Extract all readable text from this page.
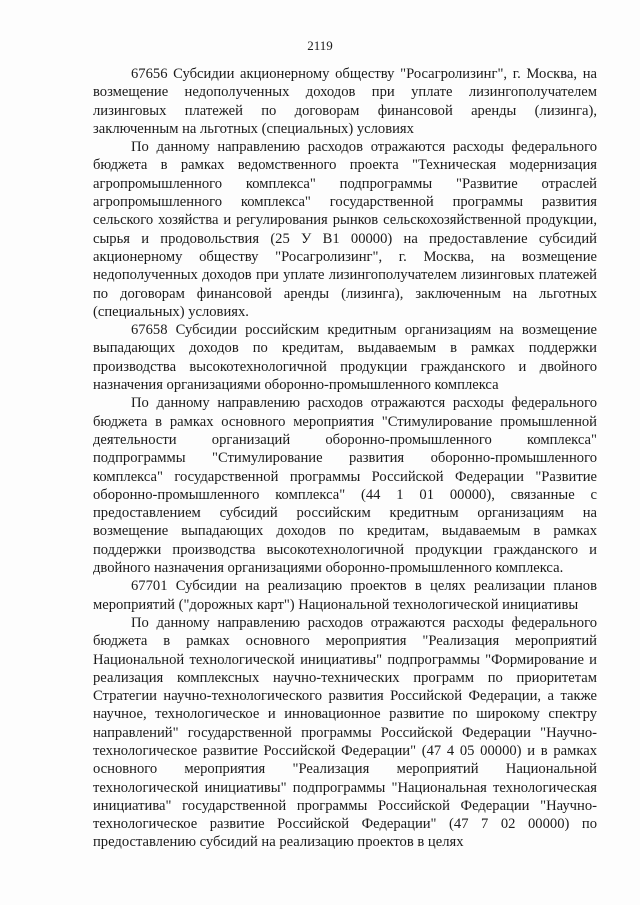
2119

67656 Субсидии акционерному обществу "Росагролизинг", г. Москва, на возмещение недополученных доходов при уплате лизингополучателем лизинговых платежей по договорам финансовой аренды (лизинга), заключенным на льготных (специальных) условиях

По данному направлению расходов отражаются расходы федерального бюджета в рамках ведомственного проекта "Техническая модернизация агропромышленного комплекса" подпрограммы "Развитие отраслей агропромышленного комплекса" государственной программы развития сельского хозяйства и регулирования рынков сельскохозяйственной продукции, сырья и продовольствия (25 У В1 00000) на предоставление субсидий акционерному обществу "Росагролизинг", г. Москва, на возмещение недополученных доходов при уплате лизингополучателем лизинговых платежей по договорам финансовой аренды (лизинга), заключенным на льготных (специальных) условиях.

67658 Субсидии российским кредитным организациям на возмещение выпадающих доходов по кредитам, выдаваемым в рамках поддержки производства высокотехнологичной продукции гражданского и двойного назначения организациями оборонно-промышленного комплекса

По данному направлению расходов отражаются расходы федерального бюджета в рамках основного мероприятия "Стимулирование промышленной деятельности организаций оборонно-промышленного комплекса" подпрограммы "Стимулирование развития оборонно-промышленного комплекса" государственной программы Российской Федерации "Развитие оборонно-промышленного комплекса" (44 1 01 00000), связанные с предоставлением субсидий российским кредитным организациям на возмещение выпадающих доходов по кредитам, выдаваемым в рамках поддержки производства высокотехнологичной продукции гражданского и двойного назначения организациями оборонно-промышленного комплекса.

67701 Субсидии на реализацию проектов в целях реализации планов мероприятий ("дорожных карт") Национальной технологической инициативы

По данному направлению расходов отражаются расходы федерального бюджета в рамках основного мероприятия "Реализация мероприятий Национальной технологической инициативы" подпрограммы "Формирование и реализация комплексных научно-технических программ по приоритетам Стратегии научно-технологического развития Российской Федерации, а также научное, технологическое и инновационное развитие по широкому спектру направлений" государственной программы Российской Федерации "Научно-технологическое развитие Российской Федерации" (47 4 05 00000) и в рамках основного мероприятия "Реализация мероприятий Национальной технологической инициативы" подпрограммы "Национальная технологическая инициатива" государственной программы Российской Федерации "Научно-технологическое развитие Российской Федерации" (47 7 02 00000) по предоставлению субсидий на реализацию проектов в целях
